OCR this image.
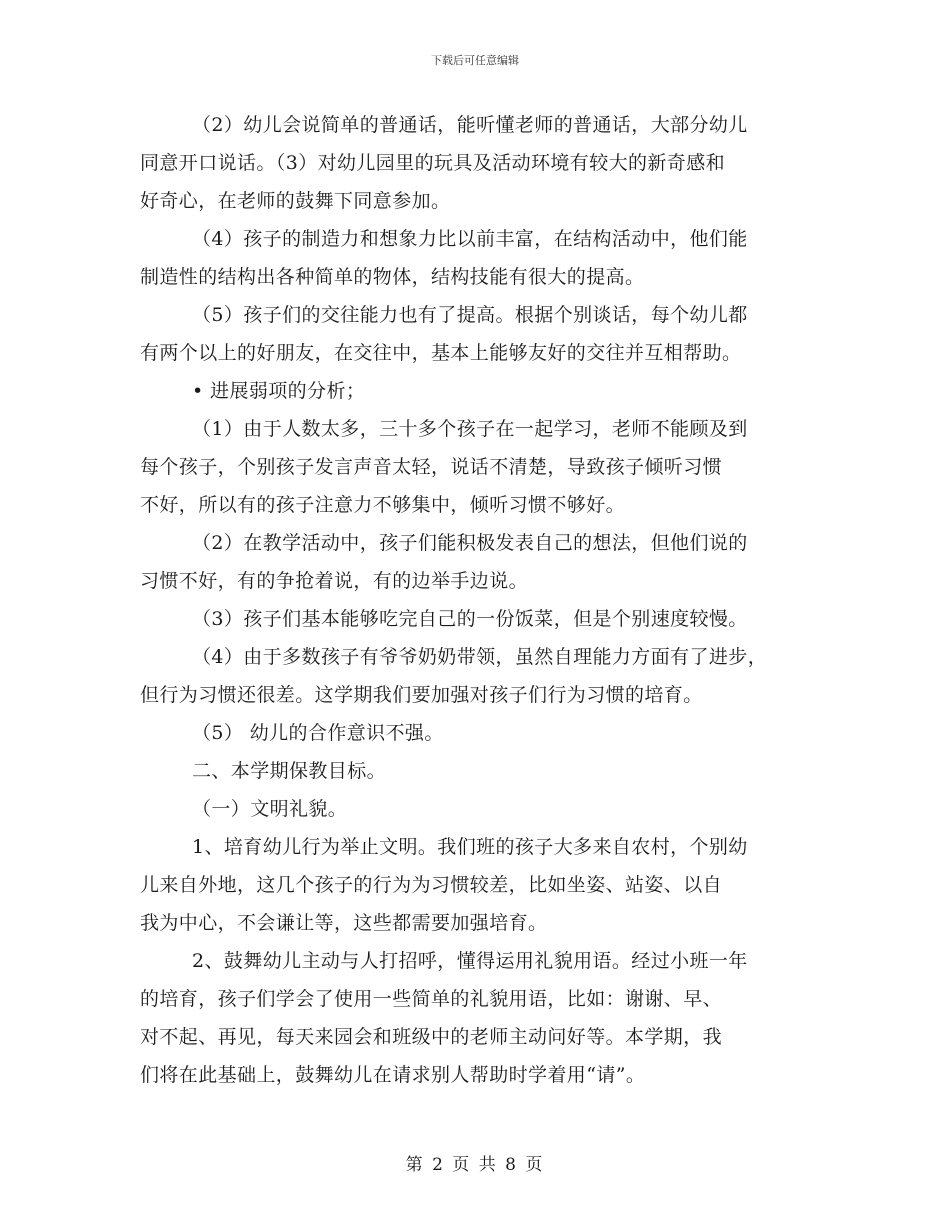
下载后可任意编辑
（2）幼儿会说简单的普通话，能听懂老师的普通话，大部分幼儿
同意开口说话。（3）对幼儿园里的玩具及活动环境有较大的新奇感和
好奇心，在老师的鼓舞下同意参加。
（4）孩子的制造力和想象力比以前丰富，在结构活动中，他们能
制造性的结构出各种简单的物体，结构技能有很大的提高。
（5）孩子们的交往能力也有了提高。根据个别谈话，每个幼儿都
有两个以上的好朋友，在交往中，基本上能够友好的交往并互相帮助。
• 进展弱项的分析；
（1）由于人数太多，三十多个孩子在一起学习，老师不能顾及到
每个孩子，个别孩子发言声音太轻，说话不清楚，导致孩子倾听习惯
不好，所以有的孩子注意力不够集中，倾听习惯不够好。
（2）在教学活动中，孩子们能积极发表自己的想法，但他们说的
习惯不好，有的争抢着说，有的边举手边说。
（3）孩子们基本能够吃完自己的一份饭菜，但是个别速度较慢。
（4）由于多数孩子有爷爷奶奶带领，虽然自理能力方面有了进步，
但行为习惯还很差。这学期我们要加强对孩子们行为习惯的培育。
（5） 幼儿的合作意识不强。
二、本学期保教目标。
（一）文明礼貌。
1、培育幼儿行为举止文明。我们班的孩子大多来自农村，个别幼
儿来自外地，这几个孩子的行为为习惯较差，比如坐姿、站姿、以自
我为中心，不会谦让等，这些都需要加强培育。
2、鼓舞幼儿主动与人打招呼，懂得运用礼貌用语。经过小班一年
的培育，孩子们学会了使用一些简单的礼貌用语，比如：谢谢、早、
对不起、再见，每天来园会和班级中的老师主动问好等。本学期，我
们将在此基础上，鼓舞幼儿在请求别人帮助时学着用“请”。
第 2 页 共 8 页
